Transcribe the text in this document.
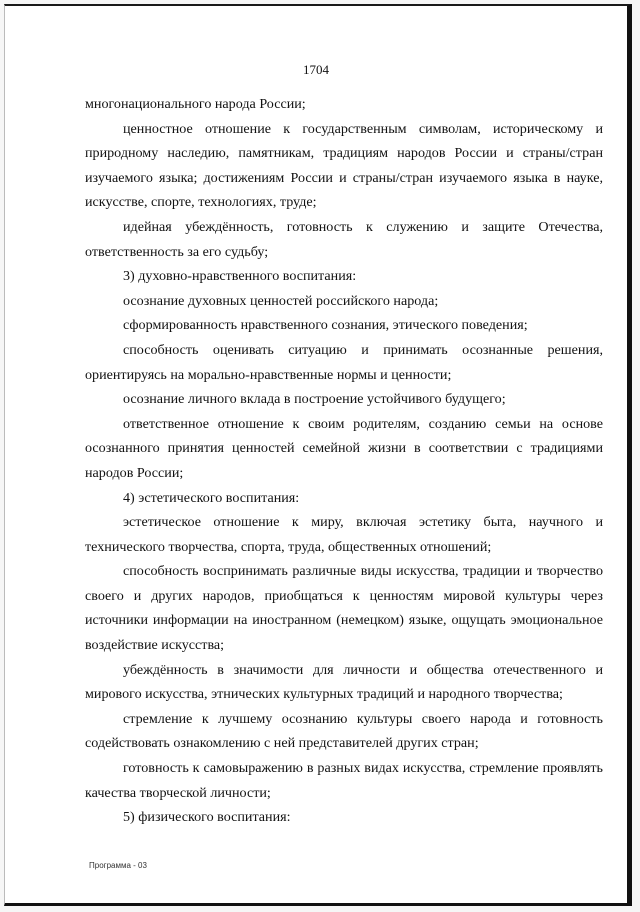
1704

многонационального народа России;

ценностное отношение к государственным символам, историческому и природному наследию, памятникам, традициям народов России и страны/стран изучаемого языка; достижениям России и страны/стран изучаемого языка в науке, искусстве, спорте, технологиях, труде;

идейная убеждённость, готовность к служению и защите Отечества, ответственность за его судьбу;

3) духовно-нравственного воспитания:

осознание духовных ценностей российского народа;

сформированность нравственного сознания, этического поведения;

способность оценивать ситуацию и принимать осознанные решения, ориентируясь на морально-нравственные нормы и ценности;

осознание личного вклада в построение устойчивого будущего;

ответственное отношение к своим родителям, созданию семьи на основе осознанного принятия ценностей семейной жизни в соответствии с традициями народов России;

4) эстетического воспитания:

эстетическое отношение к миру, включая эстетику быта, научного и технического творчества, спорта, труда, общественных отношений;

способность воспринимать различные виды искусства, традиции и творчество своего и других народов, приобщаться к ценностям мировой культуры через источники информации на иностранном (немецком) языке, ощущать эмоциональное воздействие искусства;

убеждённость в значимости для личности и общества отечественного и мирового искусства, этнических культурных традиций и народного творчества;

стремление к лучшему осознанию культуры своего народа и готовность содействовать ознакомлению с ней представителей других стран;

готовность к самовыражению в разных видах искусства, стремление проявлять качества творческой личности;

5) физического воспитания:

Программа - 03
